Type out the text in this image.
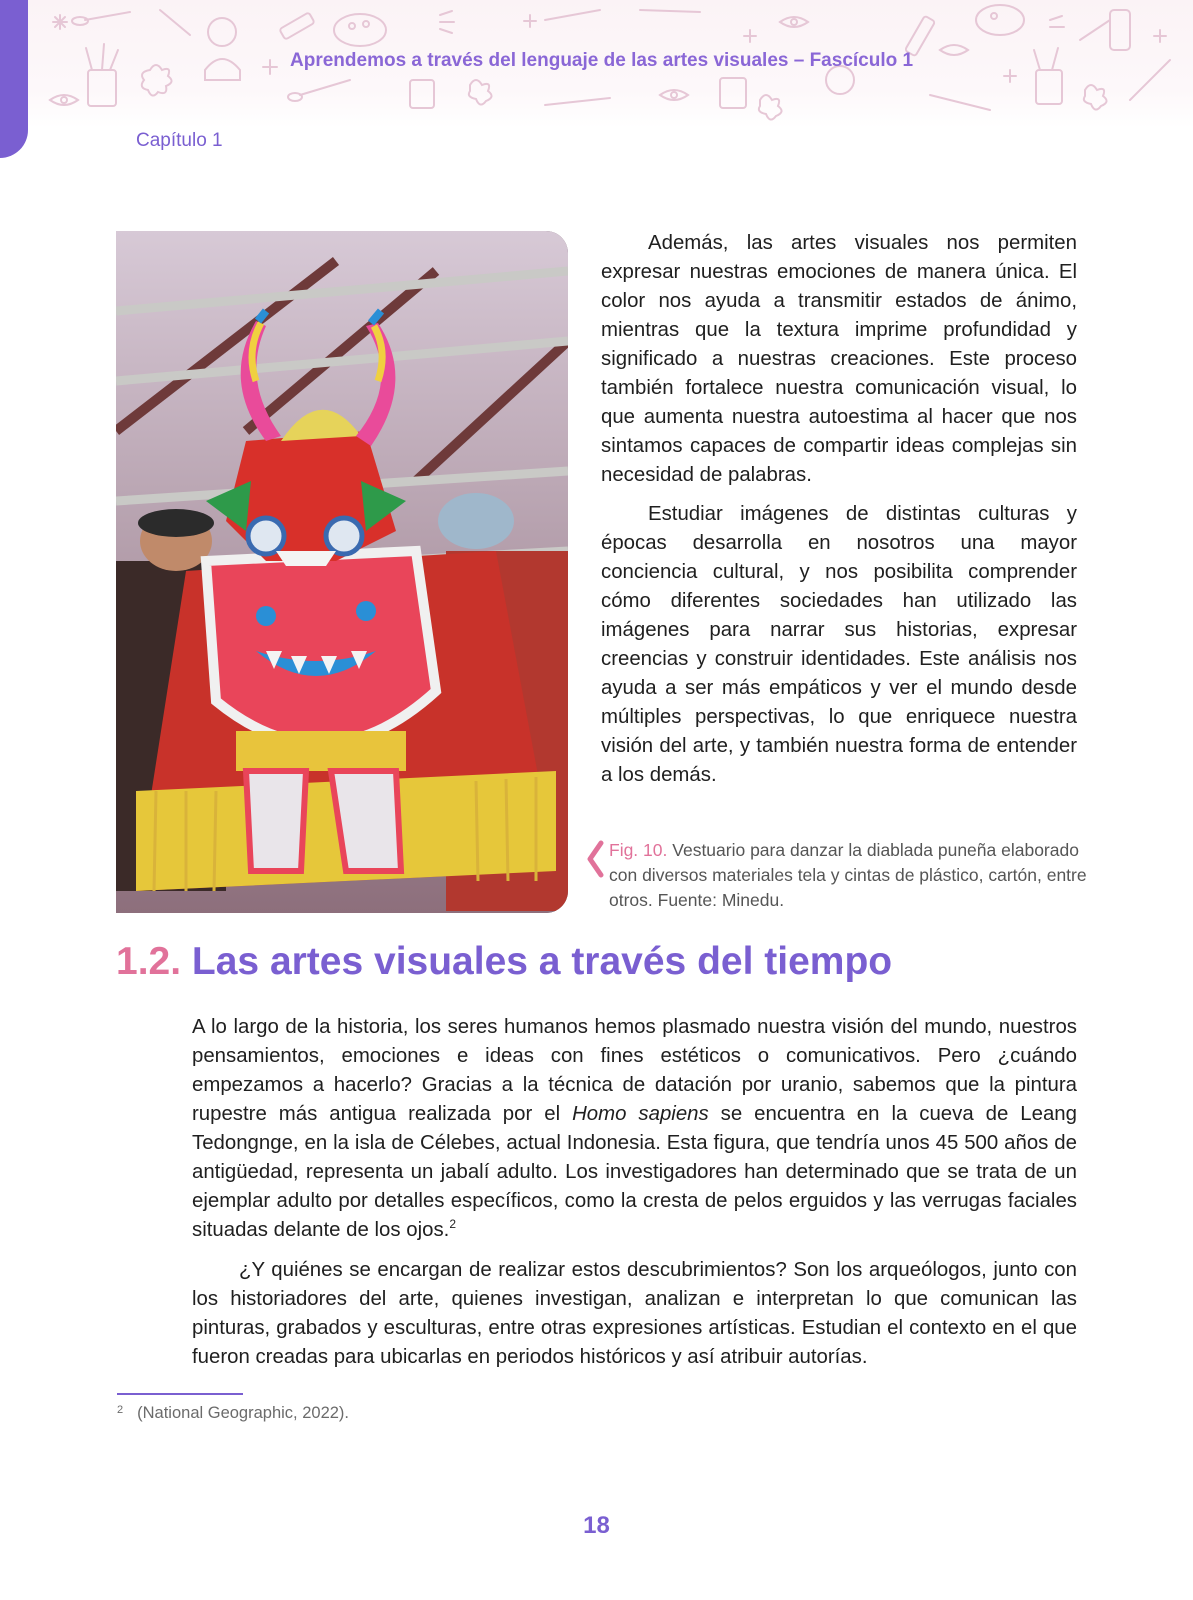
Aprendemos a través del lenguaje de las artes visuales – Fascículo 1
Capítulo 1

Además, las artes visuales nos permiten expresar nuestras emociones de manera única. El color nos ayuda a transmitir estados de ánimo, mientras que la textura imprime profundidad y significado a nuestras creaciones. Este proceso también fortalece nuestra comunicación visual, lo que aumenta nuestra autoestima al hacer que nos sintamos capaces de compartir ideas complejas sin necesidad de palabras.

Estudiar imágenes de distintas culturas y épocas desarrolla en nosotros una mayor conciencia cultural, y nos posibilita comprender cómo diferentes sociedades han utilizado las imágenes para narrar sus historias, expresar creencias y construir identidades. Este análisis nos ayuda a ser más empáticos y ver el mundo desde múltiples perspectivas, lo que enriquece nuestra visión del arte, y también nuestra forma de entender a los demás.

Fig. 10. Vestuario para danzar la diablada puneña elaborado con diversos materiales tela y cintas de plástico, cartón, entre otros. Fuente: Minedu.
1.2. Las artes visuales a través del tiempo

A lo largo de la historia, los seres humanos hemos plasmado nuestra visión del mundo, nuestros pensamientos, emociones e ideas con fines estéticos o comunicativos. Pero ¿cuándo empezamos a hacerlo? Gracias a la técnica de datación por uranio, sabemos que la pintura rupestre más antigua realizada por el Homo sapiens se encuentra en la cueva de Leang Tedongnge, en la isla de Célebes, actual Indonesia. Esta figura, que tendría unos 45 500 años de antigüedad, representa un jabalí adulto. Los investigadores han determinado que se trata de un ejemplar adulto por detalles específicos, como la cresta de pelos erguidos y las verrugas faciales situadas delante de los ojos.$^2$

¿Y quiénes se encargan de realizar estos descubrimientos? Son los arqueólogos, junto con los historiadores del arte, quienes investigan, analizan e interpretan lo que comunican las pinturas, grabados y esculturas, entre otras expresiones artísticas. Estudian el contexto en el que fueron creadas para ubicarlas en periodos históricos y así atribuir autorías.

$^2$ (National Geographic, 2022).
18
